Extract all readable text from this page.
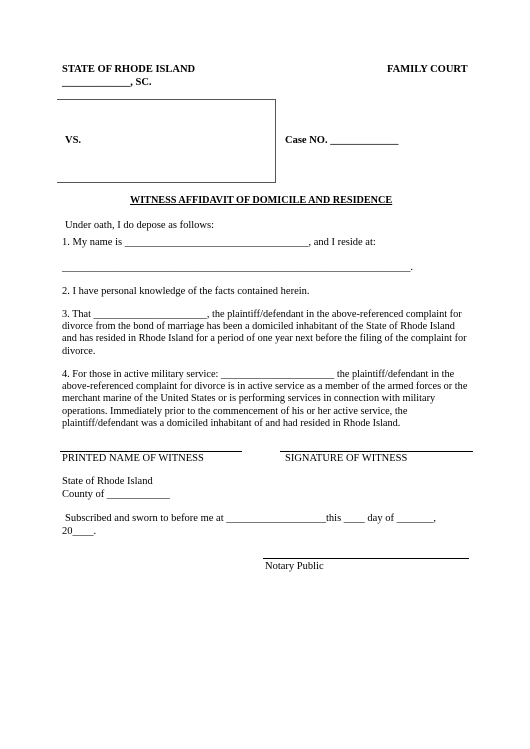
STATE OF RHODE ISLAND
_____________, SC.
FAMILY COURT
VS.	Case NO. _____________
WITNESS AFFIDAVIT OF DOMICILE AND RESIDENCE
Under oath, I do depose as follows:
1. My name is ___________________________________, and I reside at:
___________________________________________________________________.
2. I have personal knowledge of the facts contained herein.
3. That ______________________, the plaintiff/defendant in the above-referenced complaint for divorce from the bond of marriage has been a domiciled inhabitant of the State of Rhode Island and has resided in Rhode Island for a period of one year next before the filing of the complaint for divorce.
4. For those in active military service: ______________________ the plaintiff/defendant in the above-referenced complaint for divorce is in active service as a member of the armed forces or the merchant marine of the United States or is performing services in connection with military operations. Immediately prior to the commencement of his or her active service, the plaintiff/defendant was a domiciled inhabitant of and had resided in Rhode Island.
PRINTED NAME OF WITNESS	SIGNATURE OF WITNESS
State of Rhode Island
County of ____________
Subscribed and sworn to before me at ___________________this ____ day of _______,
20____.
Notary Public
